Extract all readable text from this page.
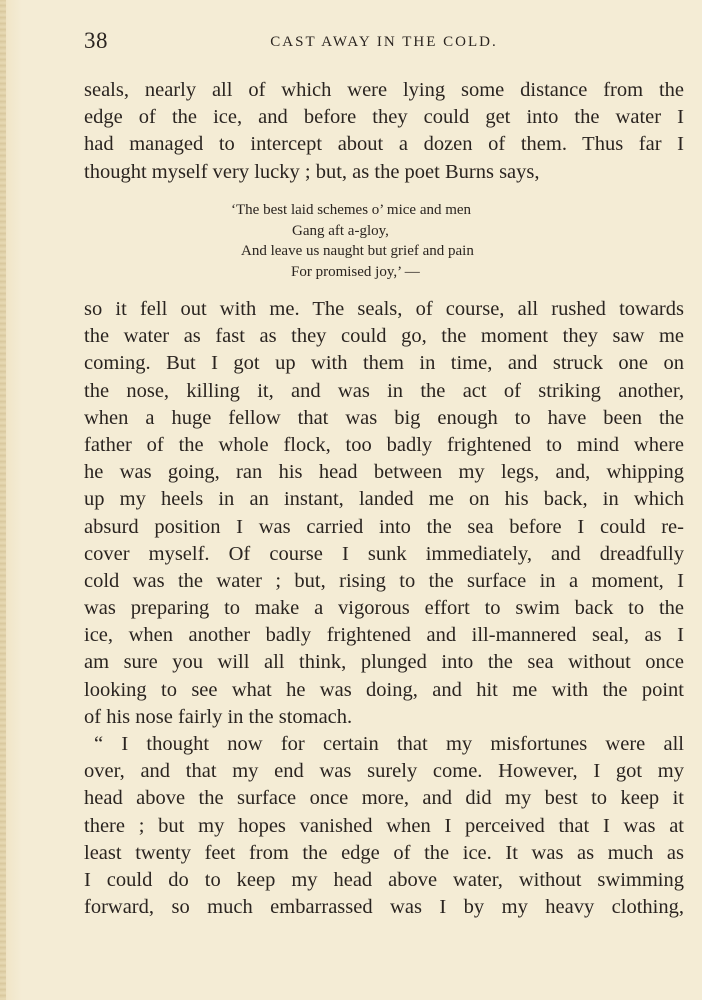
38	CAST AWAY IN THE COLD.
seals, nearly all of which were lying some distance from the
edge of the ice, and before they could get into the water I
had managed to intercept about a dozen of them. Thus far I
thought myself very lucky ; but, as the poet Burns says,
‘The best laid schemes o’ mice and men
Gang aft a-gloy,
And leave us naught but grief and pain
For promised joy,’ —
so it fell out with me. The seals, of course, all rushed towards
the water as fast as they could go, the moment they saw me
coming. But I got up with them in time, and struck one on
the nose, killing it, and was in the act of striking another,
when a huge fellow that was big enough to have been the
father of the whole flock, too badly frightened to mind where
he was going, ran his head between my legs, and, whipping
up my heels in an instant, landed me on his back, in which
absurd position I was carried into the sea before I could re-
cover myself. Of course I sunk immediately, and dreadfully
cold was the water ; but, rising to the surface in a moment, I
was preparing to make a vigorous effort to swim back to the
ice, when another badly frightened and ill-mannered seal, as I
am sure you will all think, plunged into the sea without once
looking to see what he was doing, and hit me with the point
of his nose fairly in the stomach.
“ I thought now for certain that my misfortunes were all
over, and that my end was surely come. However, I got my
head above the surface once more, and did my best to keep it
there ; but my hopes vanished when I perceived that I was at
least twenty feet from the edge of the ice. It was as much as
I could do to keep my head above water, without swimming
forward, so much embarrassed was I by my heavy clothing,
